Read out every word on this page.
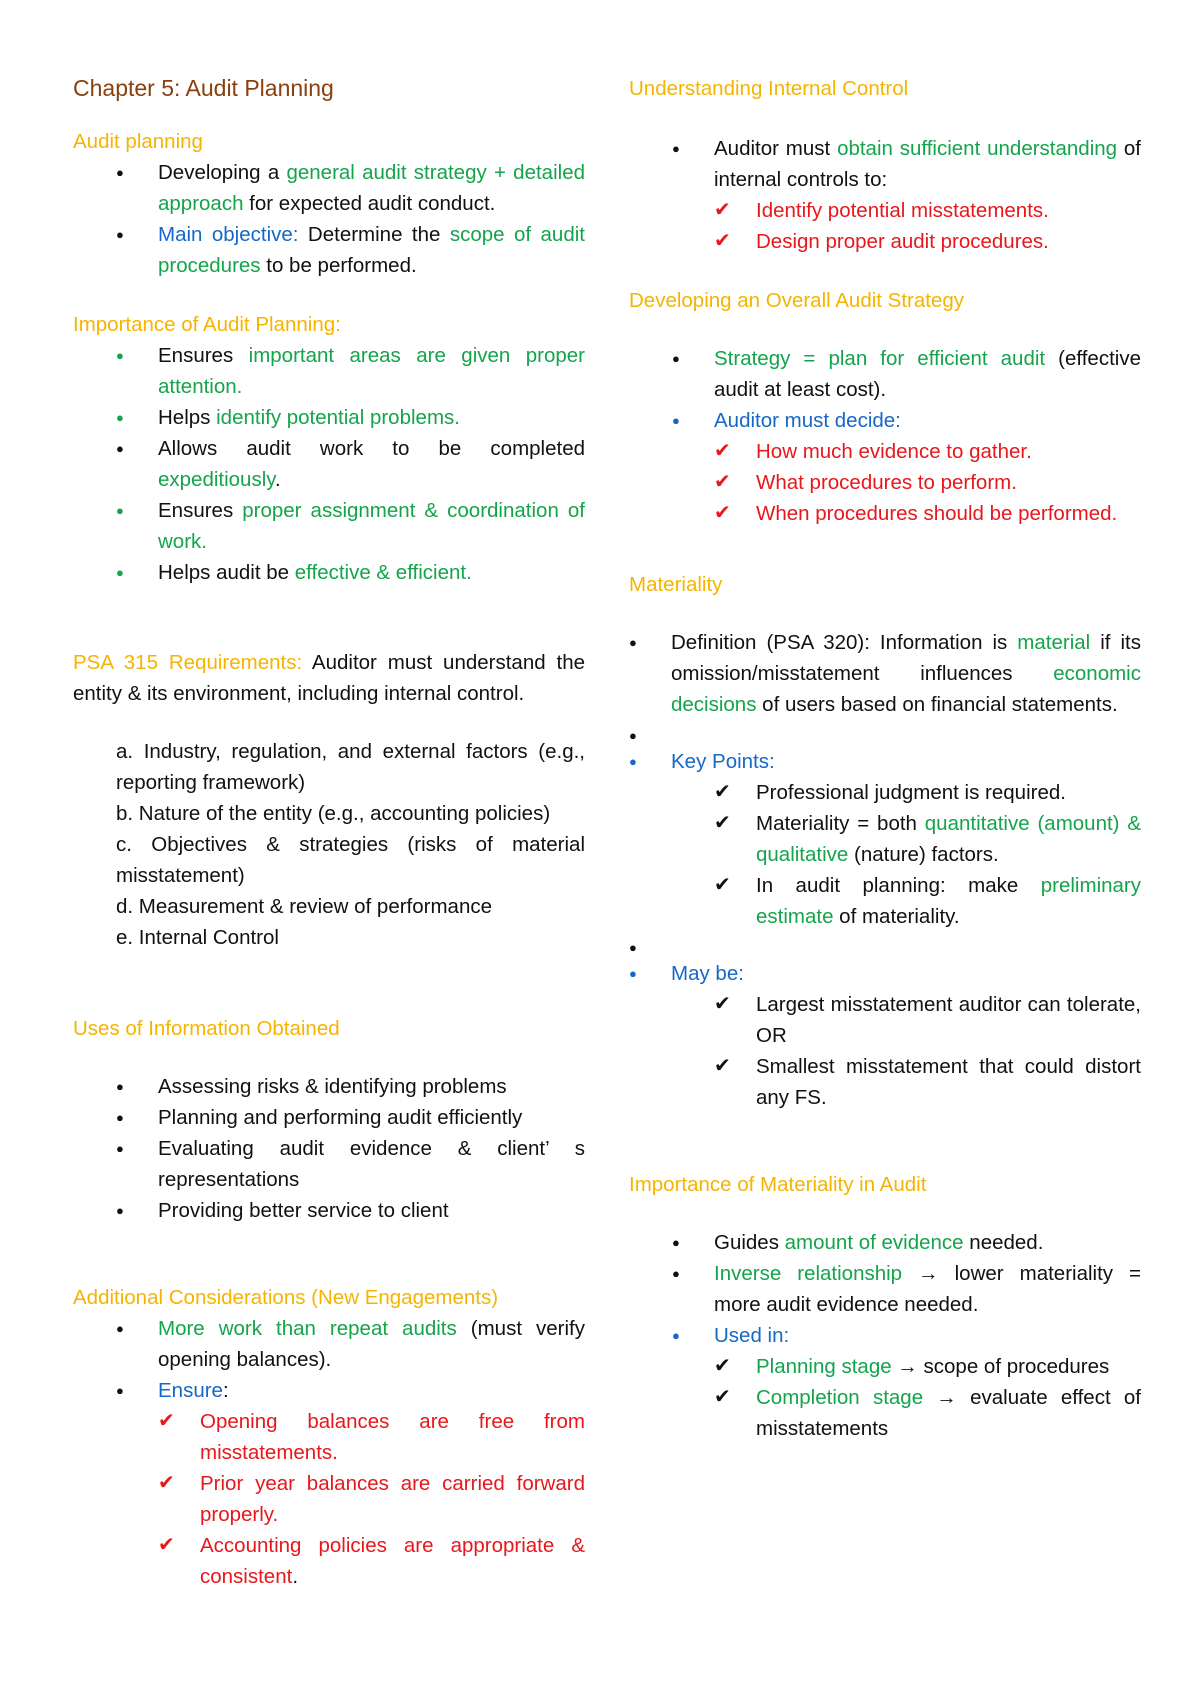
Chapter 5: Audit Planning
Audit planning
● Developing a general audit strategy + detailed approach for expected audit conduct.
● Main objective: Determine the scope of audit procedures to be performed.
Importance of Audit Planning:
● Ensures important areas are given proper attention.
● Helps identify potential problems.
● Allows audit work to be completed expeditiously.
● Ensures proper assignment & coordination of work.
● Helps audit be effective & efficient.

PSA 315 Requirements: Auditor must understand the entity & its environment, including internal control.

a. Industry, regulation, and external factors (e.g., reporting framework)

b. Nature of the entity (e.g., accounting policies)

c. Objectives & strategies (risks of material misstatement)

d. Measurement & review of performance

e. Internal Control

Uses of Information Obtained
● Assessing risks & identifying problems
● Planning and performing audit efficiently
● Evaluating audit evidence & client’ s representations
● Providing better service to client
Additional Considerations (New Engagements)
● More work than repeat audits (must verify opening balances).
● Ensure:
✔ Opening balances are free from misstatements.
✔ Prior year balances are carried forward properly.
✔ Accounting policies are appropriate & consistent.
Understanding Internal Control
● Auditor must obtain sufficient understanding of internal controls to:
✔ Identify potential misstatements.
✔ Design proper audit procedures.
Developing an Overall Audit Strategy
● Strategy = plan for efficient audit (effective audit at least cost).
● Auditor must decide:
✔ How much evidence to gather.
✔ What procedures to perform.
✔ When procedures should be performed.
Materiality
● Definition (PSA 320): Information is material if its omission/misstatement influences economic decisions of users based on financial statements.
●
● Key Points:
✔ Professional judgment is required.
✔ Materiality = both quantitative (amount) & qualitative (nature) factors.
✔ In audit planning: make preliminary estimate of materiality.
●
● May be:
✔ Largest misstatement auditor can tolerate, OR
✔ Smallest misstatement that could distort any FS.
Importance of Materiality in Audit
● Guides amount of evidence needed.
● Inverse relationship → lower materiality = more audit evidence needed.
● Used in:
✔ Planning stage → scope of procedures
✔ Completion stage → evaluate effect of misstatements
